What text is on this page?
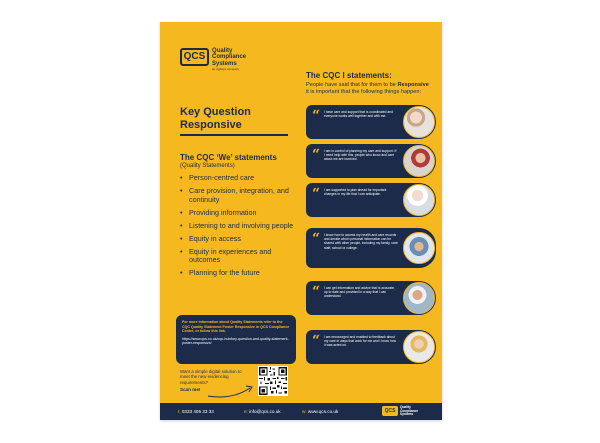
QCS	Quality
Compliance
Systems
an Agilisys company
Key Question Responsive
The CQC ‘We’ statements
(Quality Statements)
• Person-centred care
• Care provision, integration, and continuity
• Providing information
• Listening to and involving people
• Equity in access
• Equity in experiences and outcomes
• Planning for the future
For more information about Quality Statements refer to the CQC Quality Statement Poster Responsive in QCS Compliance Centre, or follow this link.
https://www.qcs.co.uk/cqc-hub/key-question-and-quality-statement-poster-responsive/
Want a simple digital solution to meet the new evidencing requirements?
Scan me!
The CQC I statements:
People have said that for them to be Responsive it is important that the following things happen:
“ I have care and support that is coordinated and everyone works well together and with me.
“ I am in control of planning my care and support. If I need help with this, people who know and care about me are involved.
“ I am supported to plan ahead for important changes in my life that I can anticipate.
“ I know how to access my health and care records and decide which personal information can be shared with other people, including my family, care staff, school or college.
“ I can get information and advice that is accurate, up to date and provided in a way that I can understand.
“ I am encouraged and enabled to feedback about my care in ways that work for me and I know how it was acted on.
t: 0333 405 33 33	e: info@qcs.co.uk	w: www.qcs.co.uk	QCS
Quality
Compliance
Systems
